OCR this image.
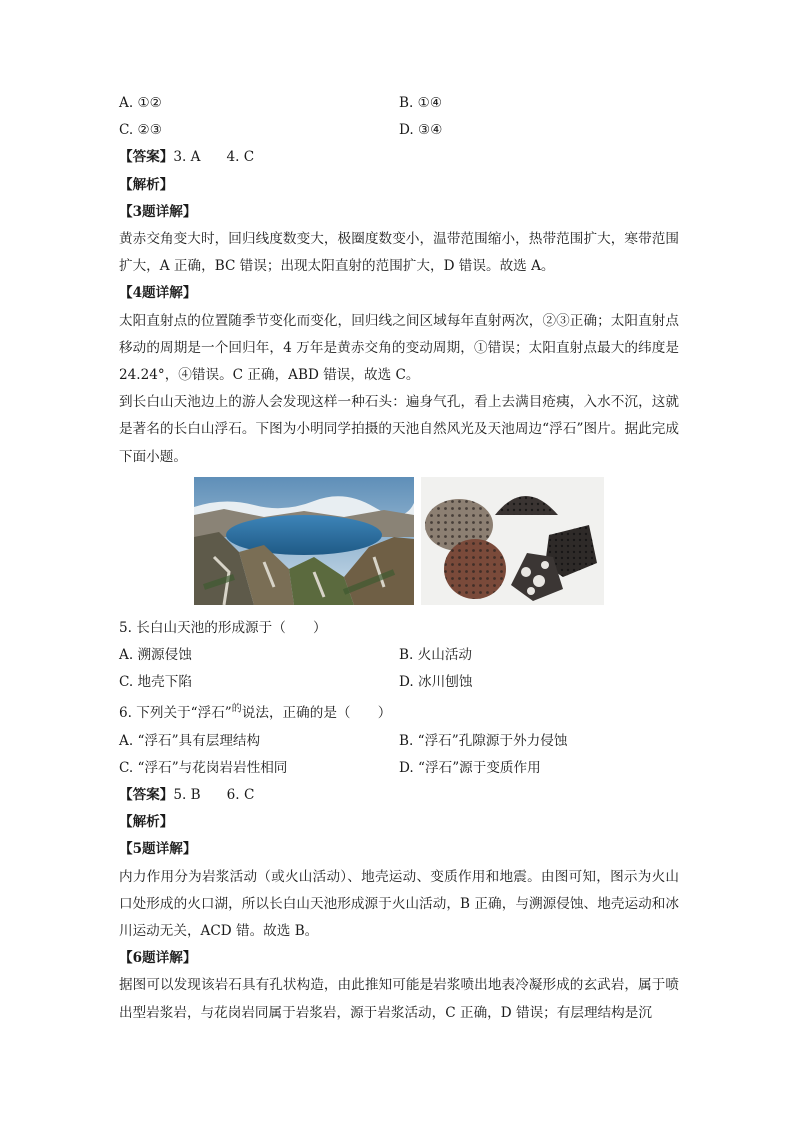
A. ①②	B. ①④
C. ②③	D. ③④

【答案】3. A 4. C

【解析】

【3题详解】

黄赤交角变大时，回归线度数变大，极圈度数变小，温带范围缩小，热带范围扩大，寒带范围扩大，A 正确，BC 错误；出现太阳直射的范围扩大，D 错误。故选 A。

【4题详解】

太阳直射点的位置随季节变化而变化，回归线之间区域每年直射两次，②③正确；太阳直射点移动的周期是一个回归年，4 万年是黄赤交角的变动周期，①错误；太阳直射点最大的纬度是 24.24°，④错误。C 正确，ABD 错误，故选 C。

到长白山天池边上的游人会发现这样一种石头：遍身气孔，看上去满目疮痍，入水不沉，这就是著名的长白山浮石。下图为小明同学拍摄的天池自然风光及天池周边“浮石”图片。据此完成下面小题。

5. 长白山天池的形成源于（　　）

A. 溯源侵蚀	B. 火山活动
C. 地壳下陷	D. 冰川刨蚀

6. 下列关于“浮石”$^的$说法，正确的是（　　）

A. “浮石”具有层理结构	B. “浮石”孔隙源于外力侵蚀
C. “浮石”与花岗岩岩性相同	D. “浮石”源于变质作用

【答案】5. B 6. C

【解析】

【5题详解】

内力作用分为岩浆活动（或火山活动）、地壳运动、变质作用和地震。由图可知，图示为火山口处形成的火口湖，所以长白山天池形成源于火山活动，B 正确，与溯源侵蚀、地壳运动和冰川运动无关，ACD 错。故选 B。

【6题详解】

据图可以发现该岩石具有孔状构造，由此推知可能是岩浆喷出地表冷凝形成的玄武岩，属于喷出型岩浆岩，与花岗岩同属于岩浆岩，源于岩浆活动，C 正确，D 错误；有层理结构是沉
